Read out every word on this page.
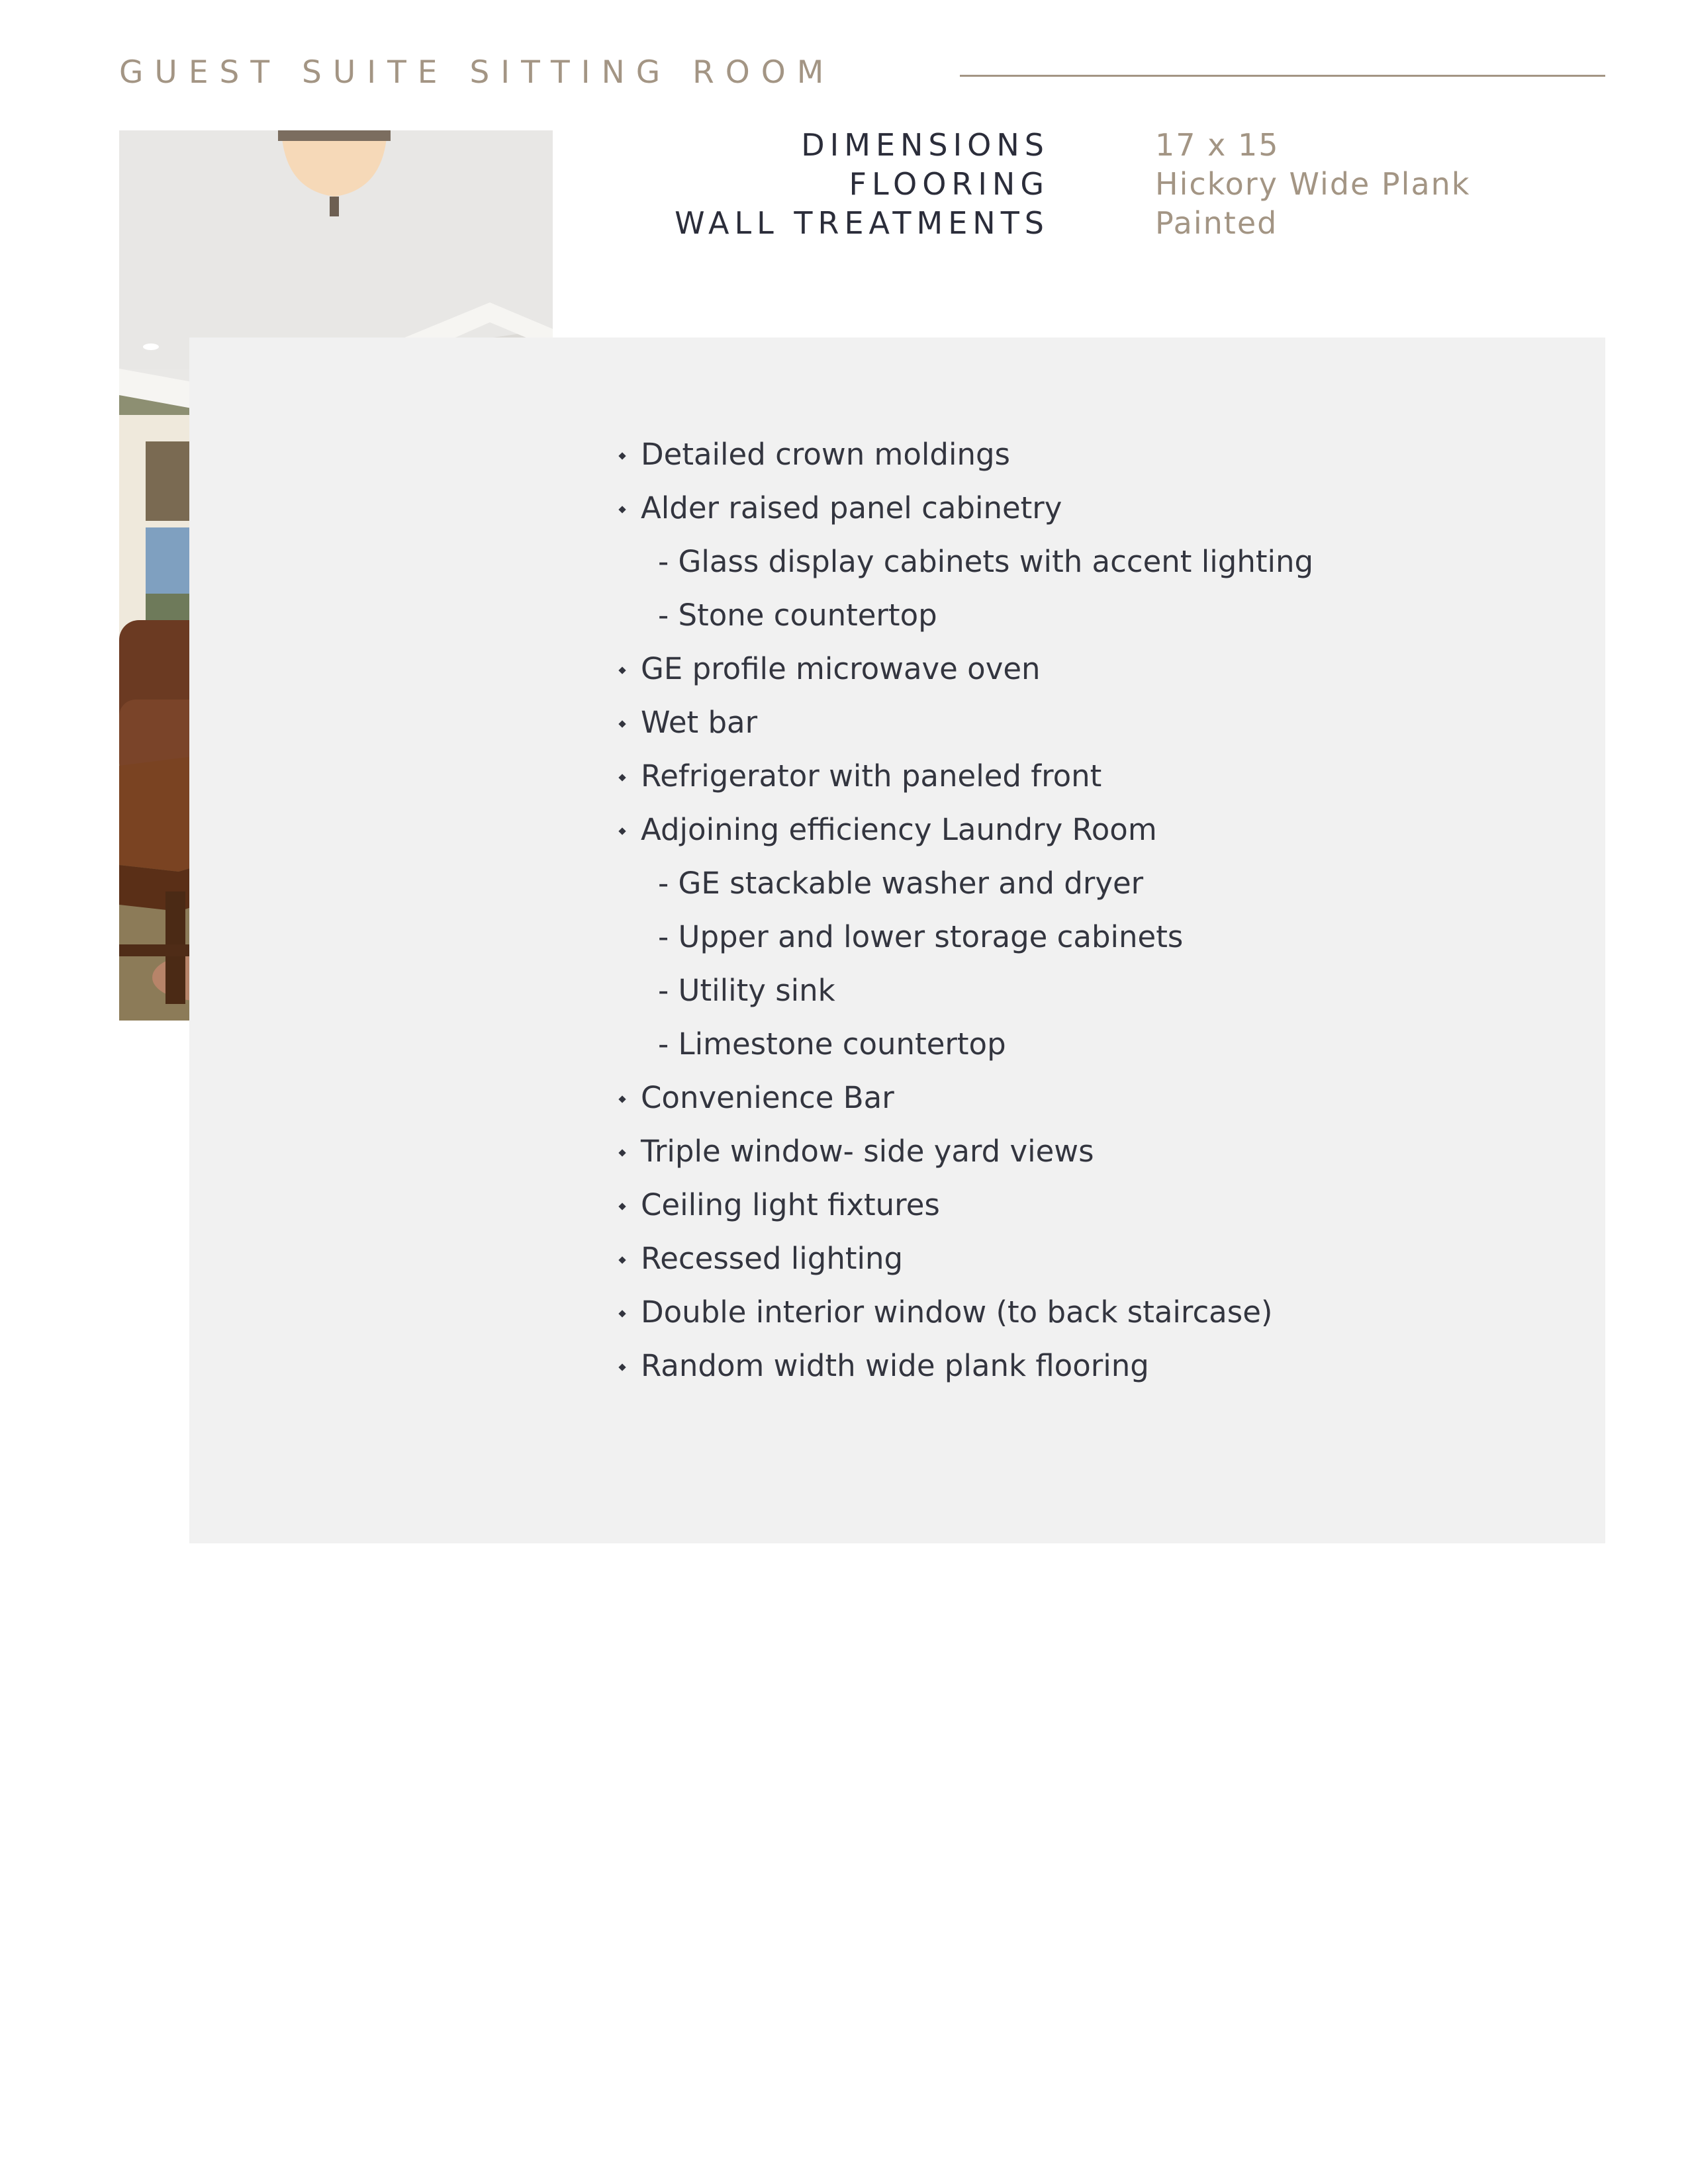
GUEST SUITE SITTING ROOM
DIMENSIONS	17 x 15
FLOORING	Hickory Wide Plank
WALL TREATMENTS	Painted
Detailed crown moldings
Alder raised panel cabinetry
- Glass display cabinets with accent lighting
- Stone countertop
GE profile microwave oven
Wet bar
Refrigerator with paneled front
Adjoining efficiency Laundry Room
- GE stackable washer and dryer
- Upper and lower storage cabinets
- Utility sink
- Limestone countertop
Convenience Bar
Triple window- side yard views
Ceiling light fixtures
Recessed lighting
Double interior window (to back staircase)
Random width wide plank flooring
